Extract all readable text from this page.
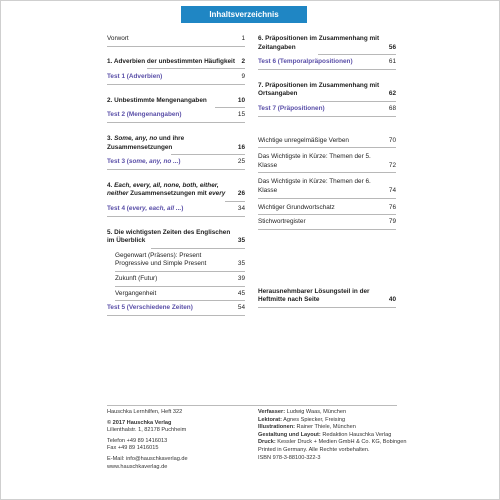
Inhaltsverzeichnis
Vorwort	1
1. Adverbien der unbestimmten Häufigkeit	2
Test 1 (Adverbien)	9
2. Unbestimmte Mengenangaben	10
Test 2 (Mengenangaben)	15
3. Some, any, no und ihre Zusammensetzungen	16
Test 3 (some, any, no ...)	25
4. Each, every, all, none, both, either, neither Zusammensetzungen mit every	26
Test 4 (every, each, all ...)	34
5. Die wichtigsten Zeiten des Englischen im Überblick	35
Gegenwart (Präsens): Present Progressive und Simple Present	35
Zukunft (Futur)	39
Vergangenheit	45
Test 5 (Verschiedene Zeiten)	54
6. Präpositionen im Zusammenhang mit Zeitangaben	56
Test 6 (Temporalpräpositionen)	61
7. Präpositionen im Zusammenhang mit Ortsangaben	62
Test 7 (Präpositionen)	68
Wichtige unregelmäßige Verben	70
Das Wichtigste in Kürze: Themen der 5. Klasse	72
Das Wichtigste in Kürze: Themen der 6. Klasse	74
Wichtiger Grundwortschatz	76
Stichwortregister	79
Herausnehmbarer Lösungsteil in der Heftmitte nach Seite	40
Hauschka Lernhilfen, Heft 322
© 2017 Hauschka Verlag
Lilienthalstr. 1, 82178 Puchheim
Telefon +49 89 1416013
Fax +49 89 1416015
E-Mail: info@hauschkaverlag.de
www.hauschkaverlag.de
Verfasser: Ludwig Waas, München
Lektorat: Agnes Spiecker, Freising
Illustrationen: Rainer Thiele, München
Gestaltung und Layout: Redaktion Hauschka Verlag
Druck: Kessler Druck + Medien GmbH & Co. KG, Bobingen
Printed in Germany. Alle Rechte vorbehalten.
ISBN 978-3-88100-322-3
